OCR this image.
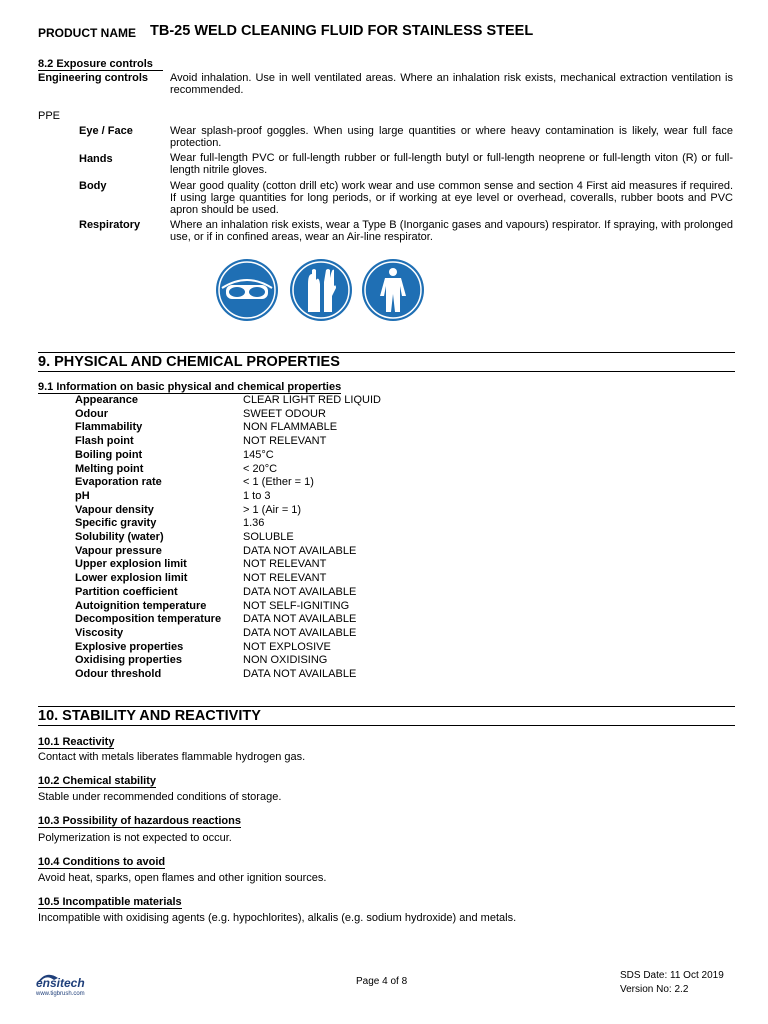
PRODUCT NAME TB-25 WELD CLEANING FLUID FOR STAINLESS STEEL
8.2 Exposure controls
Engineering controls Avoid inhalation. Use in well ventilated areas. Where an inhalation risk exists, mechanical extraction ventilation is recommended.
PPE
Eye / Face	Wear splash-proof goggles. When using large quantities or where heavy contamination is likely, wear full face protection.
Hands	Wear full-length PVC or full-length rubber or full-length butyl or full-length neoprene or full-length viton (R) or full-length nitrile gloves.
Body	Wear good quality (cotton drill etc) work wear and use common sense and section 4 First aid measures if required. If using large quantities for long periods, or if working at eye level or overhead, coveralls, rubber boots and PVC apron should be used.
Respiratory	Where an inhalation risk exists, wear a Type B (Inorganic gases and vapours) respirator. If spraying, with prolonged use, or if in confined areas, wear an Air-line respirator.
9. PHYSICAL AND CHEMICAL PROPERTIES
9.1 Information on basic physical and chemical properties
Appearance	CLEAR LIGHT RED LIQUID
Odour	SWEET ODOUR
Flammability	NON FLAMMABLE
Flash point	NOT RELEVANT
Boiling point	145°C
Melting point	< 20°C
Evaporation rate	< 1 (Ether = 1)
pH	1 to 3
Vapour density	> 1 (Air = 1)
Specific gravity	1.36
Solubility (water)	SOLUBLE
Vapour pressure	DATA NOT AVAILABLE
Upper explosion limit	NOT RELEVANT
Lower explosion limit	NOT RELEVANT
Partition coefficient	DATA NOT AVAILABLE
Autoignition temperature	NOT SELF-IGNITING
Decomposition temperature DATA NOT AVAILABLE
Viscosity	DATA NOT AVAILABLE
Explosive properties	NOT EXPLOSIVE
Oxidising properties	NON OXIDISING
Odour threshold	DATA NOT AVAILABLE
10. STABILITY AND REACTIVITY
10.1 Reactivity
Contact with metals liberates flammable hydrogen gas.
10.2 Chemical stability
Stable under recommended conditions of storage.
10.3 Possibility of hazardous reactions
Polymerization is not expected to occur.
10.4 Conditions to avoid
Avoid heat, sparks, open flames and other ignition sources.
10.5 Incompatible materials
Incompatible with oxidising agents (e.g. hypochlorites), alkalis (e.g. sodium hydroxide) and metals.
ensitech
www.tigbrush.com
Page 4 of 8
SDS Date: 11 Oct 2019
Version No: 2.2
